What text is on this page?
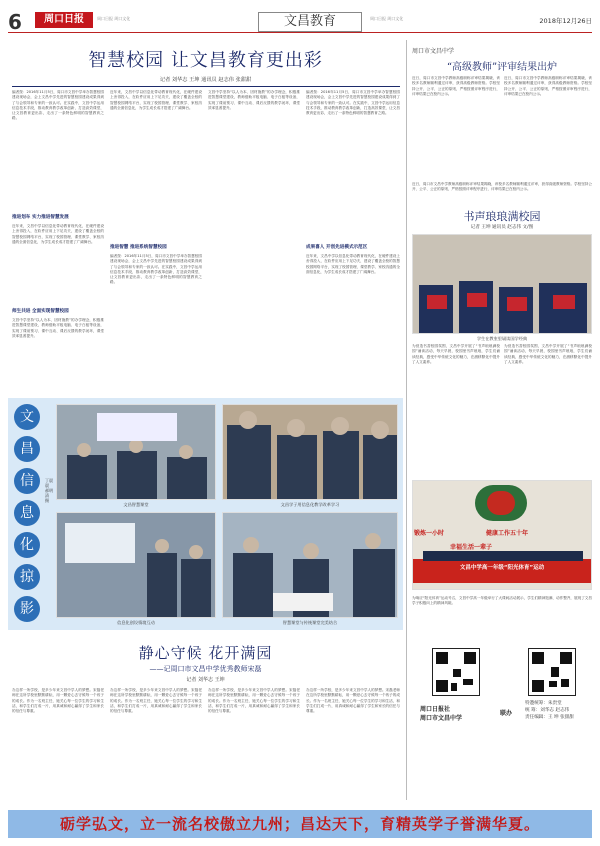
6	周口日报	周口日报 周口文化	文昌教育	周口日报 周口文化	2018年12月26日
智慧校园 让文昌教育更出彩
记者 刘华志 王坤 通讯员 赵志伟 张甜甜
编者按：2016年11月5日，周口市文昌中学举办智慧校园建设现场会，会上文昌中学先进的智慧校园建设成果得到了与会领导和专家的一致认可。在实践中，文昌中学运用信息技术手段，推动教育教学改革创新，打造高效课堂，让文昌教育更出彩，走出了一条特色鲜明的智慧教育之路。
推进划车 实力推进智慧发展
近年来，文昌中学以信息化带动教育现代化，在硬件建设上舍得投入，在软件应用上下足功夫，建设了覆盖全校的智慧校园网络平台，实现了校园管理、课堂教学、家校沟通的全面信息化，为学生成长成才搭建了广阔舞台。
师生共进 全面实现智慧校园
文昌中学坚持“以人为本、因材施教”的办学理念，积极推进智慧课堂建设，教师借助平板电脑、电子白板等设备，实现了课前预习、课中互动、课后反馈的教学闭环，课堂效率显著提升。
近年来，文昌中学以信息化带动教育现代化，在硬件建设上舍得投入，在软件应用上下足功夫，建设了覆盖全校的智慧校园网络平台，实现了校园管理、课堂教学、家校沟通的全面信息化，为学生成长成才搭建了广阔舞台。
推进智慧 推进系统智慧校园
编者按：2016年11月5日，周口市文昌中学举办智慧校园建设现场会，会上文昌中学先进的智慧校园建设成果得到了与会领导和专家的一致认可。在实践中，文昌中学运用信息技术手段，推动教育教学改革创新，打造高效课堂，让文昌教育更出彩，走出了一条特色鲜明的智慧教育之路。
文昌中学坚持“以人为本、因材施教”的办学理念，积极推进智慧课堂建设，教师借助平板电脑、电子白板等设备，实现了课前预习、课中互动、课后反馈的教学闭环，课堂效率显著提升。
编者按：2016年11月5日，周口市文昌中学举办智慧校园建设现场会，会上文昌中学先进的智慧校园建设成果得到了与会领导和专家的一致认可。在实践中，文昌中学运用信息技术手段，推动教育教学改革创新，打造高效课堂，让文昌教育更出彩，走出了一条特色鲜明的智慧教育之路。
成果喜人 开创先进模式示范区
近年来，文昌中学以信息化带动教育现代化，在硬件建设上舍得投入，在软件应用上下足功夫，建设了覆盖全校的智慧校园网络平台，实现了校园管理、课堂教学、家校沟通的全面信息化，为学生成长成才搭建了广阔舞台。
文
昌
信
息
化
掠
影
丁晨晨 郝明清 摄
文昌智慧课堂	文昌学子用信息化教学改革学习
信息化创设情境互动	智慧课堂与传统课堂完美结合
静心守候 花开满园
——记周口市文昌中学优秀教师宋磊
记者 刘华志 王坤
办这样一所学校，是多少年来文昌中学人的梦想。宋磊老师在这所学校里默默耕耘，用一颗爱心去守候每一个孩子的成长。作为一名班主任，她关心每一位学生的学习和生活，和学生们打成一片，用真诚和耐心赢得了学生和家长的信任与尊重。
办这样一所学校，是多少年来文昌中学人的梦想。宋磊老师在这所学校里默默耕耘，用一颗爱心去守候每一个孩子的成长。作为一名班主任，她关心每一位学生的学习和生活，和学生们打成一片，用真诚和耐心赢得了学生和家长的信任与尊重。
办这样一所学校，是多少年来文昌中学人的梦想。宋磊老师在这所学校里默默耕耘，用一颗爱心去守候每一个孩子的成长。作为一名班主任，她关心每一位学生的学习和生活，和学生们打成一片，用真诚和耐心赢得了学生和家长的信任与尊重。
办这样一所学校，是多少年来文昌中学人的梦想。宋磊老师在这所学校里默默耕耘，用一颗爱心去守候每一个孩子的成长。作为一名班主任，她关心每一位学生的学习和生活，和学生们打成一片，用真诚和耐心赢得了学生和家长的信任与尊重。
周口市文昌中学
“高级教师”评审结果出炉
近日，周口市文昌中学教师高级职称评审结果揭晓，该校多名教师顺利通过评审，获得高级教师资格。学校坚持公开、公平、公正的原则，严格按照评审程序进行，评审结果已在校内公示。
近日，周口市文昌中学教师高级职称评审结果揭晓，该校多名教师顺利通过评审，获得高级教师资格。学校坚持公开、公平、公正的原则，严格按照评审程序进行，评审结果已在校内公示。
近日，周口市文昌中学教师高级职称评审结果揭晓，该校多名教师顺利通过评审，获得高级教师资格。学校坚持公开、公平、公正的原则，严格按照评审程序进行，评审结果已在校内公示。
书声琅琅满校园
记者 王坤 通讯员 赵志伟 文/图
学生在教室里诵读国学经典
为营造书香校园氛围，文昌中学开展了“书声琅琅满校园”诵读活动，每天早晨，校园里书声琅琅，学生们诵读经典，感受中华传统文化的魅力，在潜移默化中提升了人文素养。
为营造书香校园氛围，文昌中学开展了“书声琅琅满校园”诵读活动，每天早晨，校园里书声琅琅，学生们诵读经典，感受中华传统文化的魅力，在潜移默化中提升了人文素养。
锻炼一小时	健康工作五十年
幸福生活一辈子
文昌中学高一年级“阳光体育”运动
为响应“阳光体育”运动号召，文昌中学高一年级举行了大课间活动展示，学生们精神饱满、动作整齐，展现了文昌学子积极向上的精神风貌。
周口日报社
周口市文昌中学
联办
特邀统筹：朱贵堂
统 筹：刘华志 赵志伟
责任编辑：王 坤 张甜甜
砺学弘文，立一流名校傲立九州；昌达天下，育精英学子誉满华夏。
